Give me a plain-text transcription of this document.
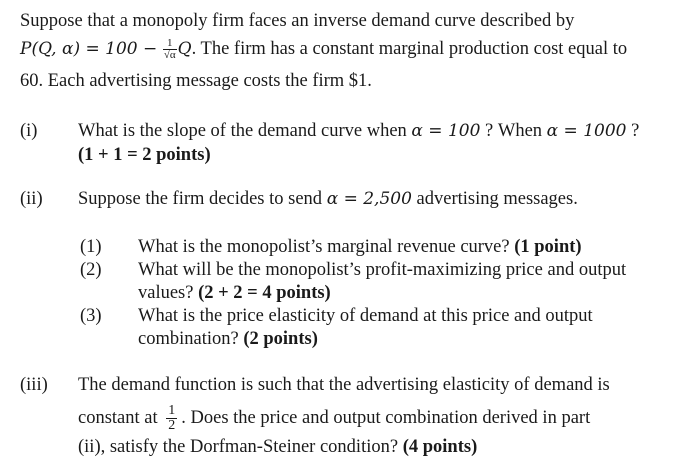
Suppose that a monopoly firm faces an inverse demand curve described by
P(Q, $\alpha) = 100 - \frac{1}{√\alpha} Q$. The firm has a constant marginal production cost equal to
60. Each advertising message costs the firm $1.
(i) What is the slope of the demand curve when α = 100 ? When α = 1000 ?
(1 + 1 = 2 points)
(ii) Suppose the firm decides to send α = 2,500 advertising messages.
(1) What is the monopolist’s marginal revenue curve? (1 point)
(2) What will be the monopolist’s profit-maximizing price and output
values? (2 + 2 = 4 points)
(3) What is the price elasticity of demand at this price and output
combination? (2 points)
(iii) The demand function is such that the advertising elasticity of demand is
constant at $\frac{1}{2}$ . Does the price and output combination derived in part
(ii), satisfy the Dorfman-Steiner condition? (4 points)
